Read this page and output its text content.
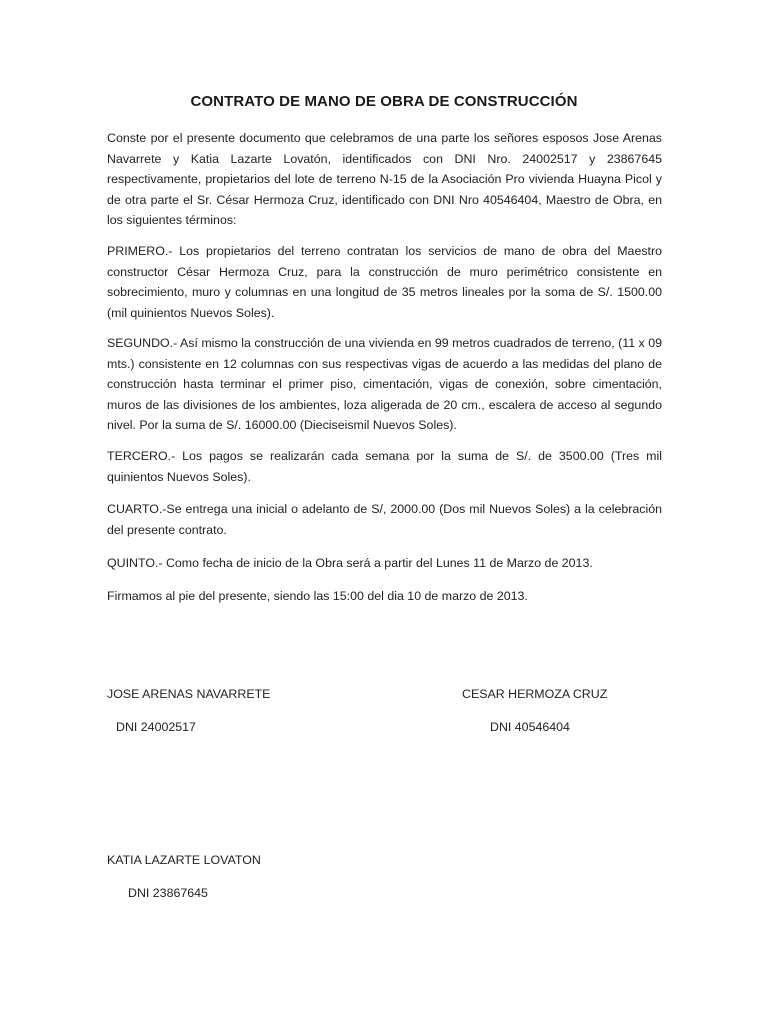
CONTRATO DE MANO DE OBRA DE CONSTRUCCIÓN
Conste por el presente documento que celebramos de una parte los señores esposos Jose Arenas Navarrete y Katia Lazarte Lovatón, identificados con DNI Nro. 24002517 y 23867645 respectivamente, propietarios del lote de terreno N-15 de la Asociación Pro vivienda Huayna Picol y de otra parte el Sr. César Hermoza Cruz, identificado con DNI Nro 40546404, Maestro de Obra, en los siguientes términos:
PRIMERO.- Los propietarios del terreno contratan los servicios de mano de obra del Maestro constructor César Hermoza Cruz, para la construcción de muro perimétrico consistente en sobrecimiento, muro y columnas en una longitud de 35 metros lineales por la soma de S/. 1500.00 (mil quinientos Nuevos Soles).
SEGUNDO.- Así mismo la construcción de una vivienda en 99 metros cuadrados de terreno, (11 x 09 mts.) consistente en 12 columnas con sus respectivas vigas de acuerdo a las medidas del plano de construcción hasta terminar el primer piso, cimentación, vigas de conexión, sobre cimentación, muros de las divisiones de los ambientes, loza aligerada de 20 cm., escalera de acceso al segundo nivel. Por la suma de S/. 16000.00 (Dieciseismil Nuevos Soles).
TERCERO.- Los pagos se realizarán cada semana por la suma de S/. de 3500.00 (Tres mil quinientos Nuevos Soles).
CUARTO.-Se entrega una inicial o adelanto de S/, 2000.00 (Dos mil Nuevos Soles) a la celebración del presente contrato.
QUINTO.- Como fecha de inicio de la Obra será a partir del Lunes 11 de Marzo de 2013.
Firmamos al pie del presente, siendo las 15:00 del dia 10 de marzo de 2013.
JOSE ARENAS NAVARRETE
DNI 24002517
CESAR HERMOZA CRUZ
DNI 40546404
KATIA LAZARTE LOVATON
DNI 23867645
